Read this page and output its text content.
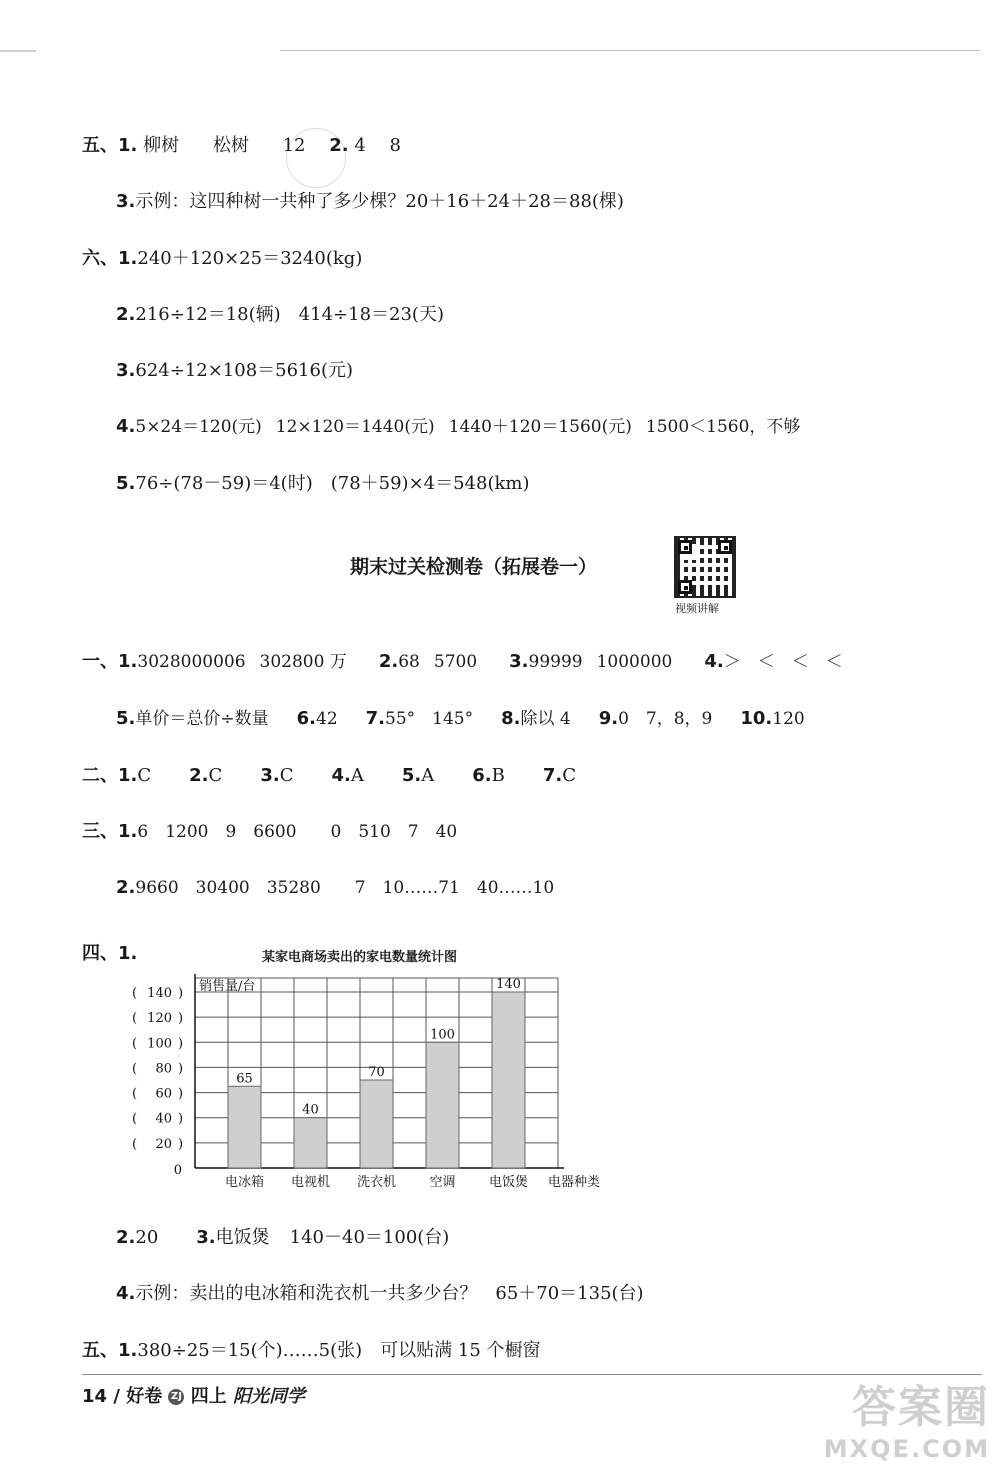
五、1. 柳树 松树 12 2. 4 8
3.示例：这四种树一共种了多少棵？20＋16＋24＋28＝88(棵)
六、1.240＋120×25＝3240(kg)
2.216÷12＝18(辆) 414÷18＝23(天)
3.624÷12×108＝5616(元)
4.5×24＝120(元) 12×120＝1440(元) 1440＋120＝1560(元) 1500＜1560，不够
5.76÷(78－59)＝4(时) (78＋59)×4＝548(km)
期末过关检测卷（拓展卷一）
视频讲解
一、1.3028000006 302800 万 2.68 5700 3.99999 1000000 4.＞　＜　＜　＜
5.单价＝总价÷数量 6.42 7.55°　145° 8.除以 4 9.0　7，8，9 10.120
二、1.C 2.C 3.C 4.A 5.A 6.B 7.C
三、1.6　1200　9　6600　　0　510　7　40
2.9660　30400　35280　　7　10……71　40……10
四、1.	某家电商场卖出的家电数量统计图
( 140 )
( 120 )
( 100 )
( 80 )
( 60 )
( 40 )
( 20 )
0
销售量/台
65
电冰箱
40
电视机
70
洗衣机
100
空调
140
电饭煲 电器种类
2.20 3.电饭煲 140－40＝100(台)
4.示例：卖出的电冰箱和洗衣机一共多少台？　65＋70＝135(台)
五、1.380÷25＝15(个)……5(张)　可以贴满 15 个橱窗
14 / 好卷 ZJ 四上 阳光同学	答案圈
MXQE.COM
